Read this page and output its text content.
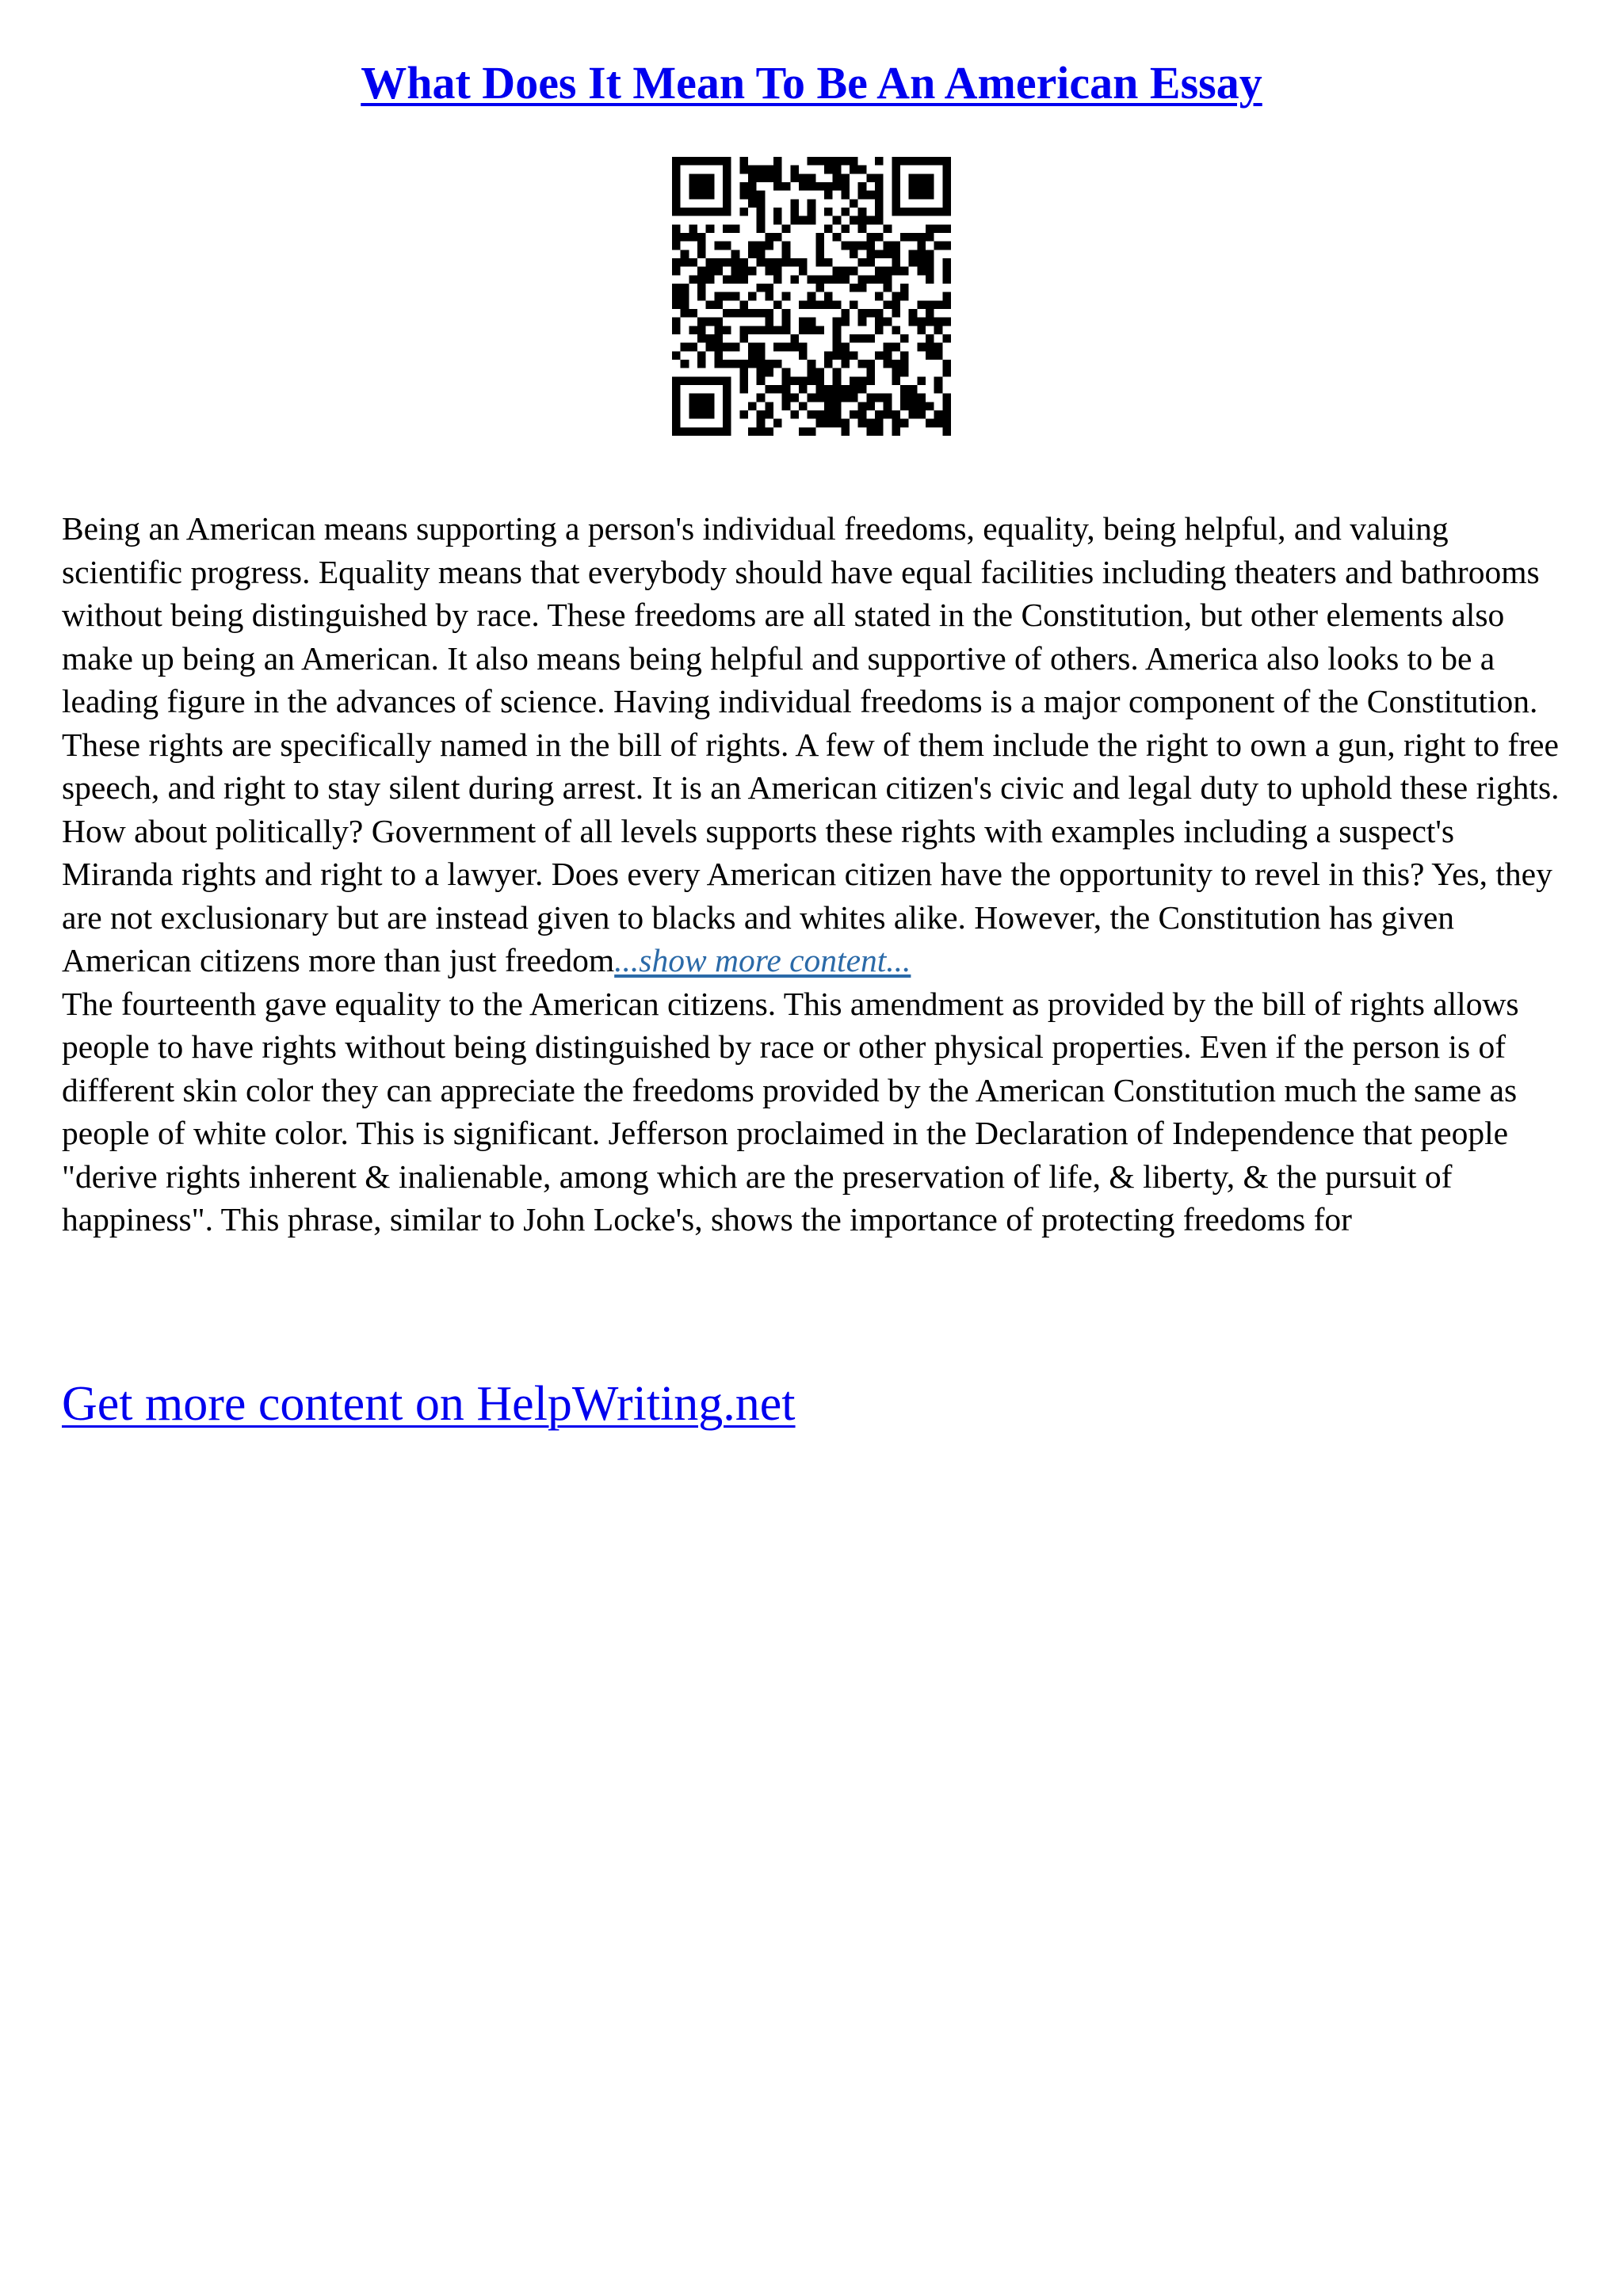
What Does It Mean To Be An American Essay

Being an American means supporting a person's individual freedoms, equality, being helpful, and valuing scientific progress. Equality means that everybody should have equal facilities including theaters and bathrooms without being distinguished by race. These freedoms are all stated in the Constitution, but other elements also make up being an American. It also means being helpful and supportive of others. America also looks to be a leading figure in the advances of science. Having individual freedoms is a major component of the Constitution. These rights are specifically named in the bill of rights. A few of them include the right to own a gun, right to free speech, and right to stay silent during arrest. It is an American citizen's civic and legal duty to uphold these rights. How about politically? Government of all levels supports these rights with examples including a suspect's Miranda rights and right to a lawyer. Does every American citizen have the opportunity to revel in this? Yes, they are not exclusionary but are instead given to blacks and whites alike. However, the Constitution has given American citizens more than just freedom...show more content...

The fourteenth gave equality to the American citizens. This amendment as provided by the bill of rights allows people to have rights without being distinguished by race or other physical properties. Even if the person is of different skin color they can appreciate the freedoms provided by the American Constitution much the same as people of white color. This is significant. Jefferson proclaimed in the Declaration of Independence that people "derive rights inherent & inalienable, among which are the preservation of life, & liberty, & the pursuit of happiness". This phrase, similar to John Locke's, shows the importance of protecting freedoms for

Get more content on HelpWriting.net
